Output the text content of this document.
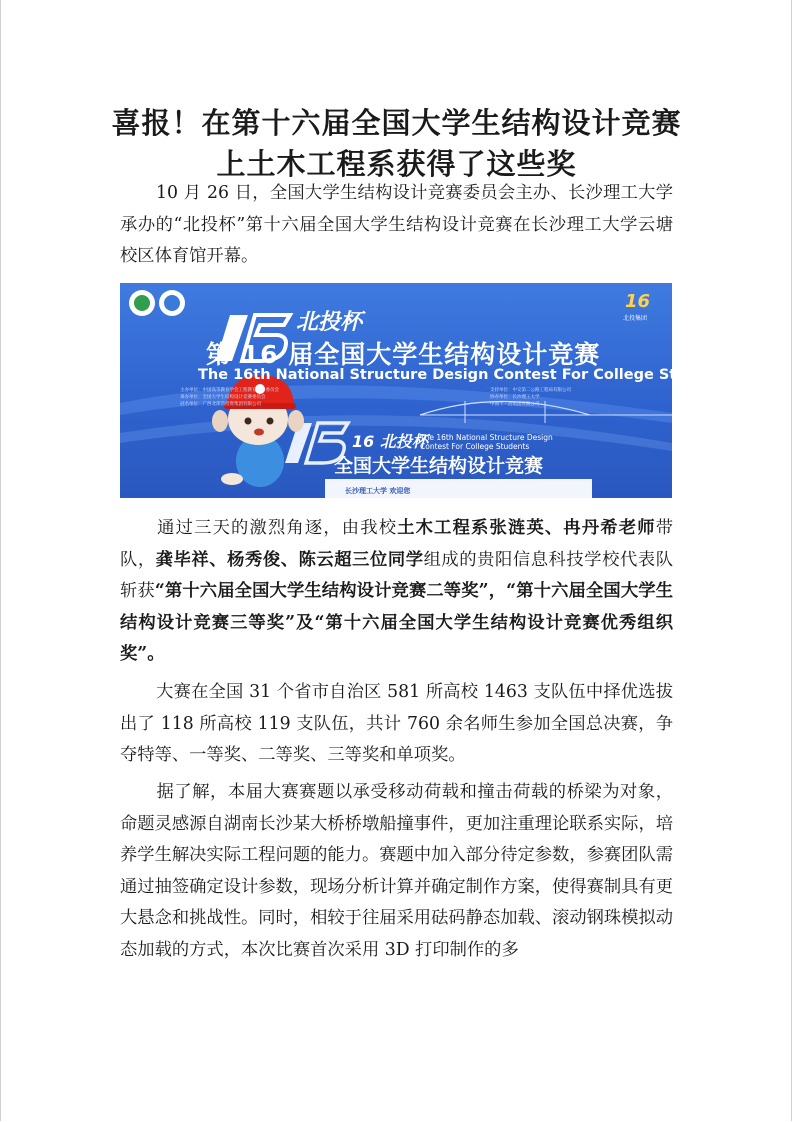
喜报！在第十六届全国大学生结构设计竞赛
上土木工程系获得了这些奖

10 月 26 日，全国大学生结构设计竞赛委员会主办、长沙理工大学承办的“北投杯”第十六届全国大学生结构设计竞赛在长沙理工大学云塘校区体育馆开幕。

北投杯
第 16 届全国大学生结构设计竞赛
The 16th National Structure Design Contest For College Students
主办单位：中国高等教育学会工程教育专业委员会
承办单位：全国大学生结构设计竞赛委员会
冠名单位：广西北部湾投资集团有限公司
支持单位：中交第二公路工程局有限公司
协办单位：长沙理工大学
中国十一冶集团有限公司
16
北投集团
16 北投杯
The 16th National Structure Design Contest For College Students
全国大学生结构设计竞赛
长沙理工大学 欢迎您

通过三天的激烈角逐，由我校土木工程系张涟英、冉丹希老师带队，龚毕祥、杨秀俊、陈云超三位同学组成的贵阳信息科技学校代表队斩获“第十六届全国大学生结构设计竞赛二等奖”，“第十六届全国大学生结构设计竞赛三等奖”及“第十六届全国大学生结构设计竞赛优秀组织奖”。

大赛在全国 31 个省市自治区 581 所高校 1463 支队伍中择优选拔出了 118 所高校 119 支队伍，共计 760 余名师生参加全国总决赛，争夺特等、一等奖、二等奖、三等奖和单项奖。

据了解，本届大赛赛题以承受移动荷载和撞击荷载的桥梁为对象，命题灵感源自湖南长沙某大桥桥墩船撞事件，更加注重理论联系实际，培养学生解决实际工程问题的能力。赛题中加入部分待定参数，参赛团队需通过抽签确定设计参数，现场分析计算并确定制作方案，使得赛制具有更大悬念和挑战性。同时，相较于往届采用砝码静态加载、滚动钢珠模拟动态加载的方式，本次比赛首次采用 3D 打印制作的多
